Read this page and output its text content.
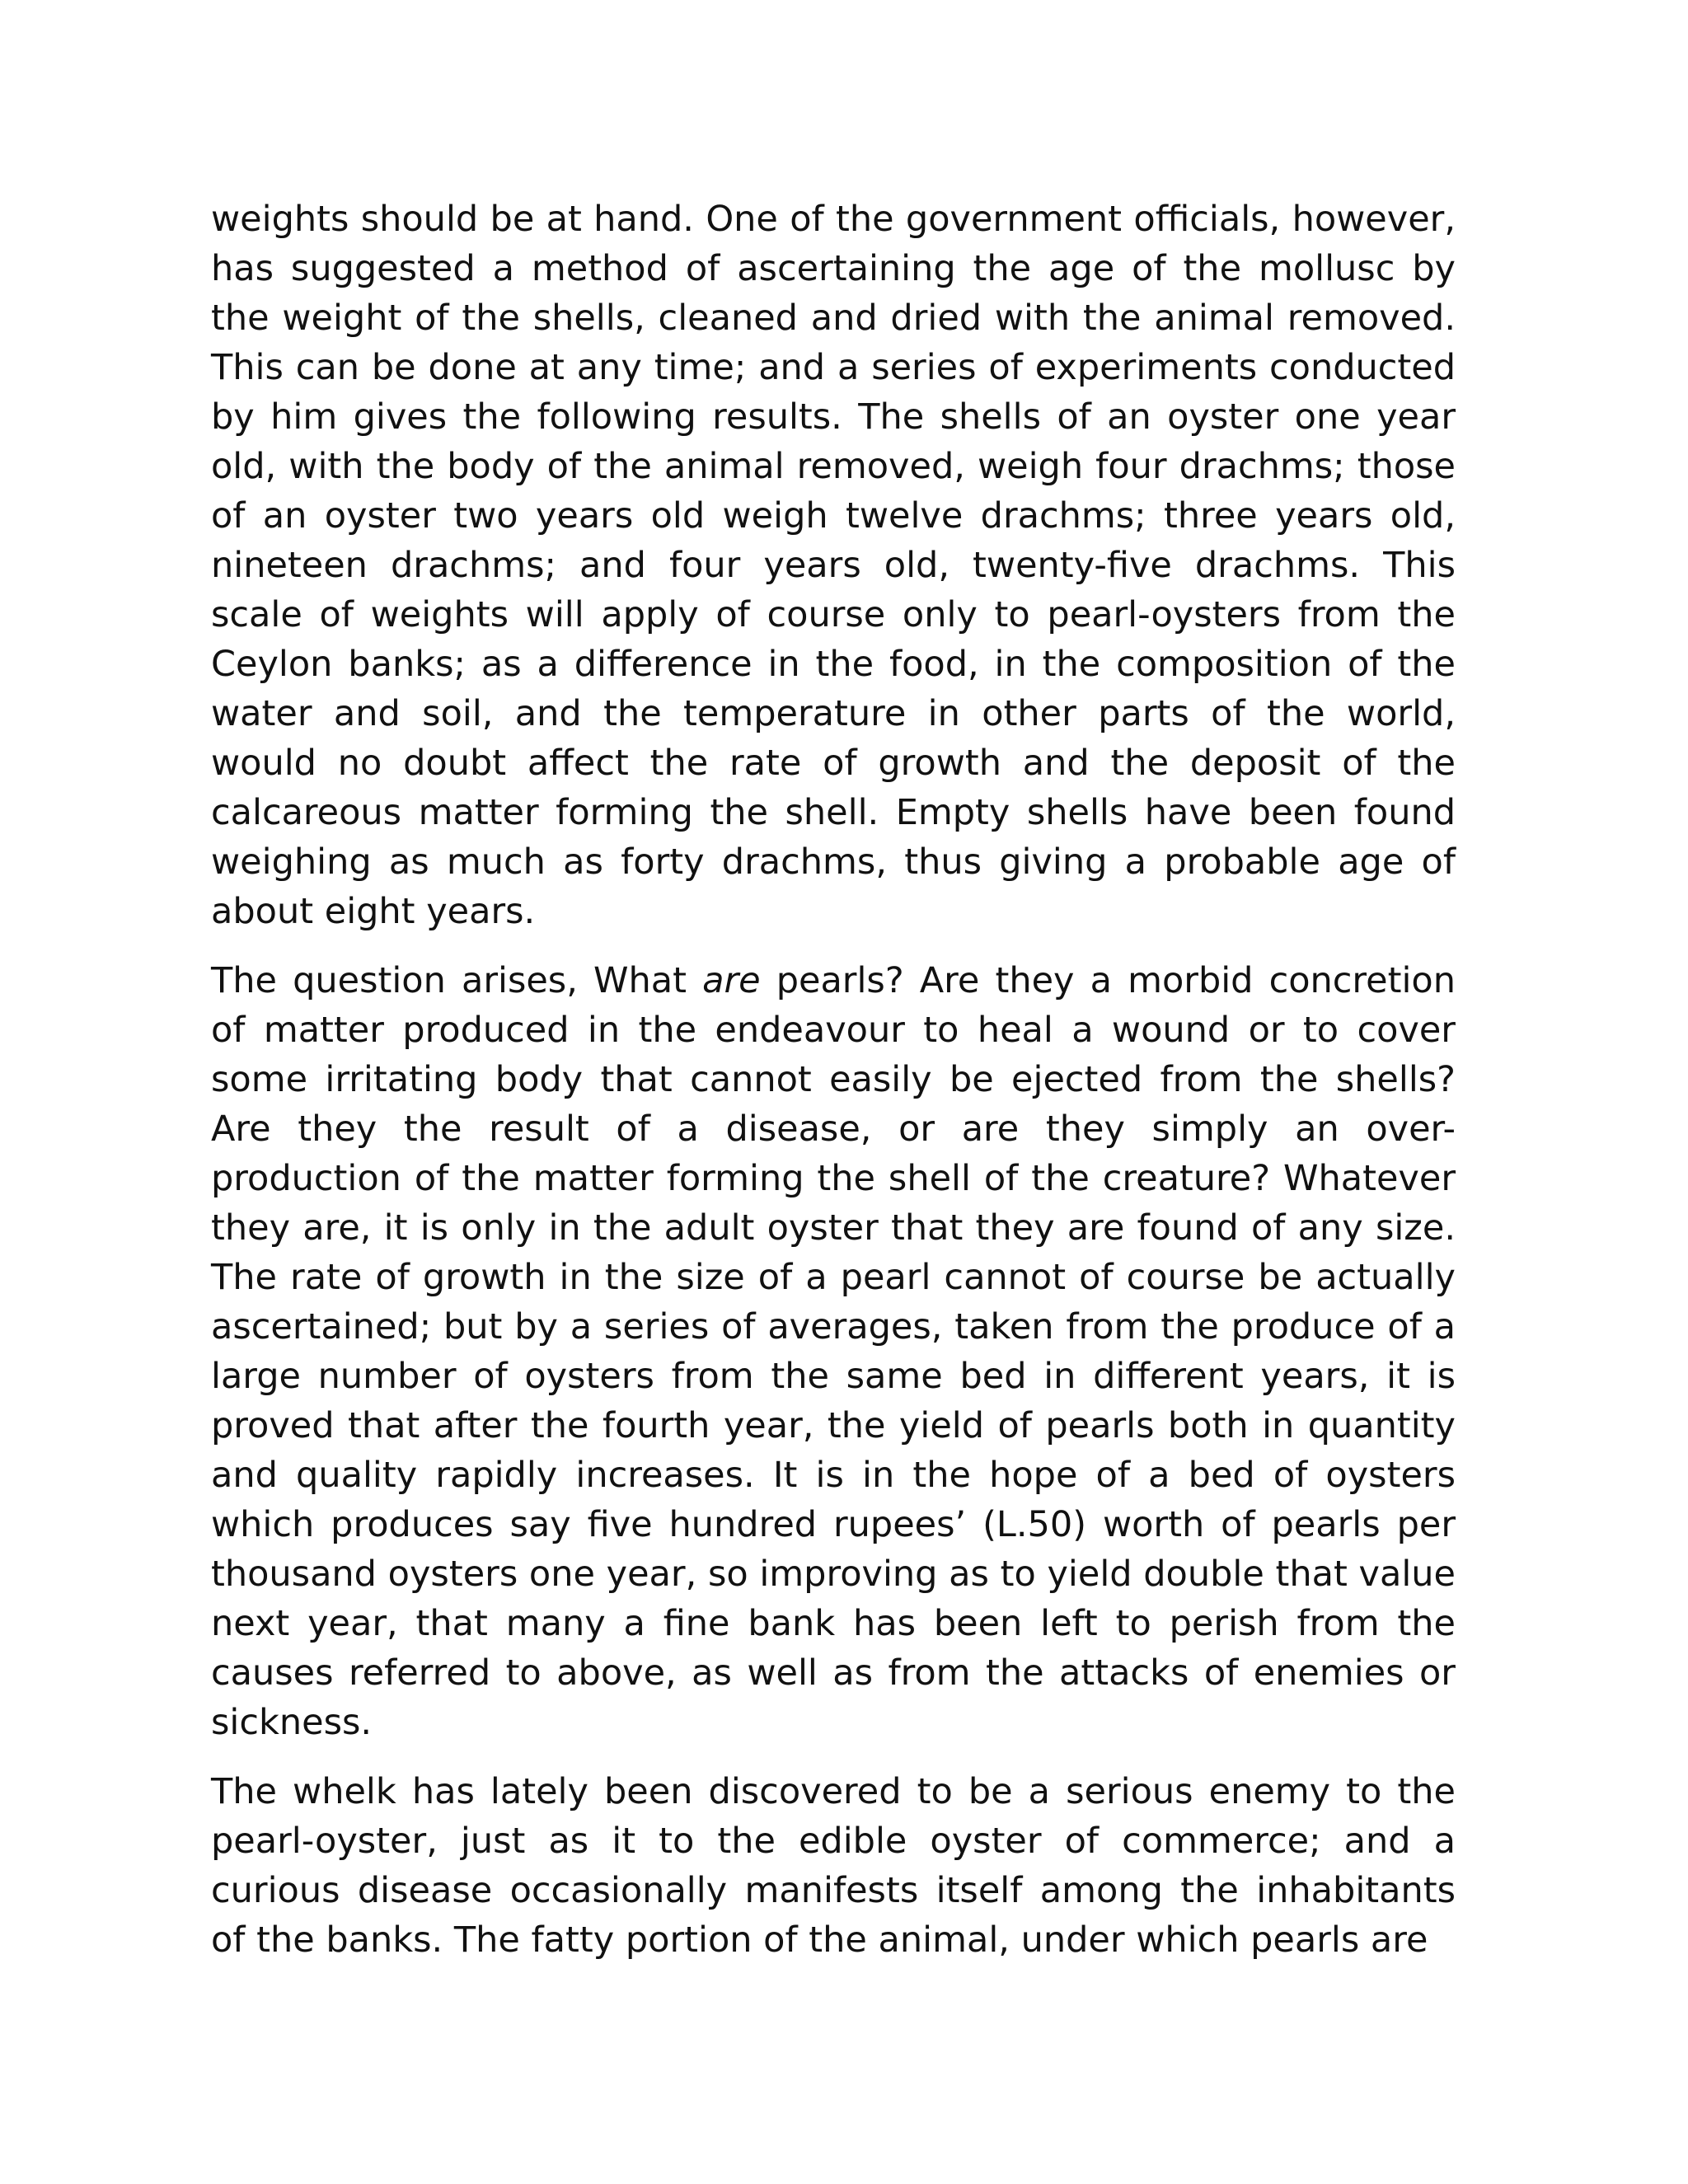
weights should be at hand. One of the government officials, however, has suggested a method of ascertaining the age of the mollusc by the weight of the shells, cleaned and dried with the animal removed. This can be done at any time; and a series of experiments conducted by him gives the following results. The shells of an oyster one year old, with the body of the animal removed, weigh four drachms; those of an oyster two years old weigh twelve drachms; three years old, nineteen drachms; and four years old, twenty-five drachms. This scale of weights will apply of course only to pearl-oysters from the Ceylon banks; as a difference in the food, in the composition of the water and soil, and the temperature in other parts of the world, would no doubt affect the rate of growth and the deposit of the calcareous matter forming the shell. Empty shells have been found weighing as much as forty drachms, thus giving a probable age of about eight years.

The question arises, What are pearls? Are they a morbid concretion of matter produced in the endeavour to heal a wound or to cover some irritating body that cannot easily be ejected from the shells? Are they the result of a disease, or are they simply an over-production of the matter forming the shell of the creature? Whatever they are, it is only in the adult oyster that they are found of any size. The rate of growth in the size of a pearl cannot of course be actually ascertained; but by a series of averages, taken from the produce of a large number of oysters from the same bed in different years, it is proved that after the fourth year, the yield of pearls both in quantity and quality rapidly increases. It is in the hope of a bed of oysters which produces say five hundred rupees’ (L.50) worth of pearls per thousand oysters one year, so improving as to yield double that value next year, that many a fine bank has been left to perish from the causes referred to above, as well as from the attacks of enemies or sickness.

The whelk has lately been discovered to be a serious enemy to the pearl-oyster, just as it to the edible oyster of commerce; and a curious disease occasionally manifests itself among the inhabitants of the banks. The fatty portion of the animal, under which pearls are
